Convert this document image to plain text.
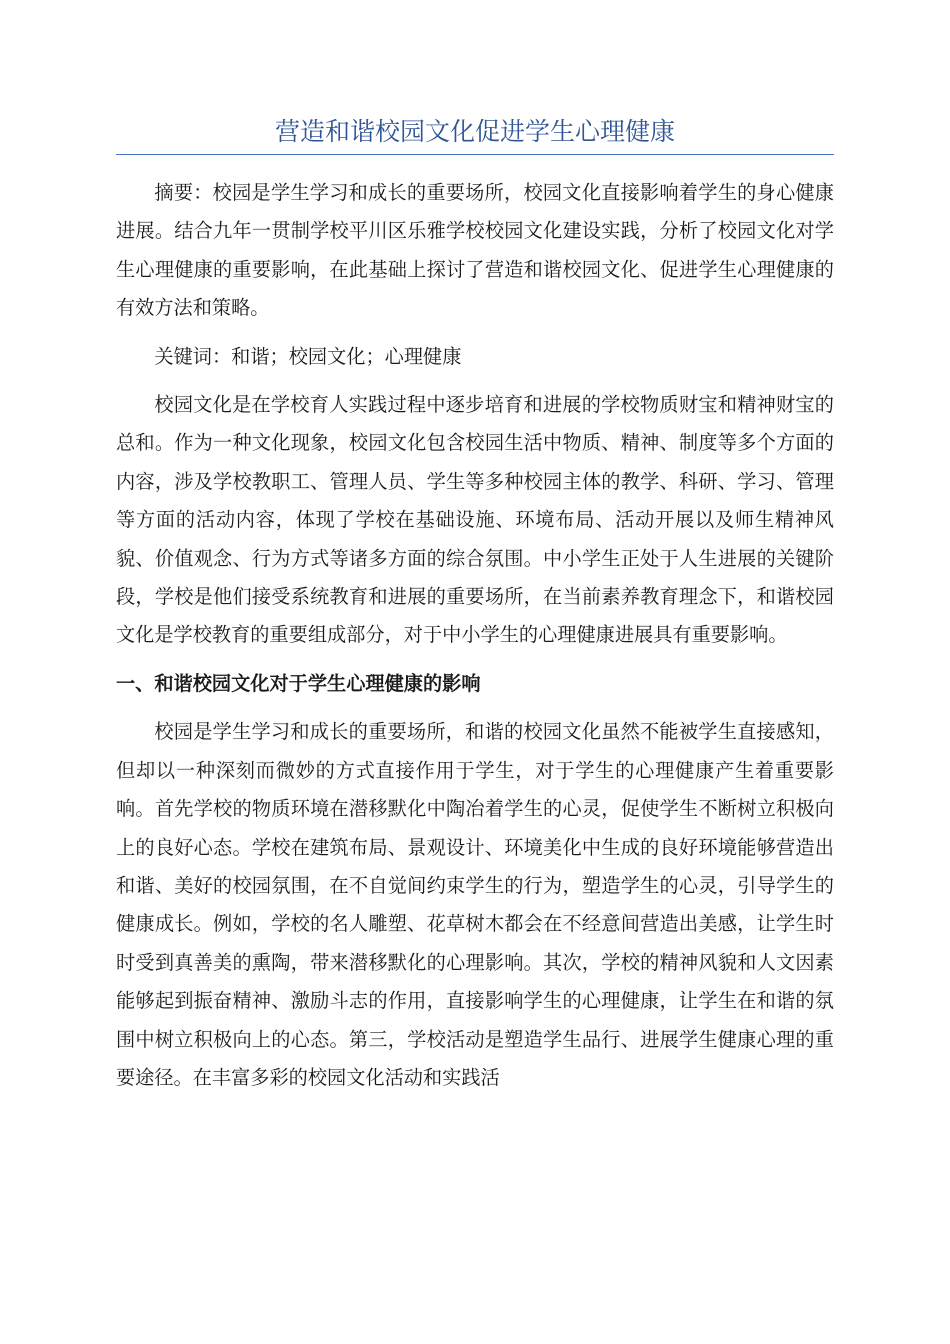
营造和谐校园文化促进学生心理健康

摘要：校园是学生学习和成长的重要场所，校园文化直接影响着学生的身心健康进展。结合九年一贯制学校平川区乐雅学校校园文化建设实践，分析了校园文化对学生心理健康的重要影响，在此基础上探讨了营造和谐校园文化、促进学生心理健康的有效方法和策略。

关键词：和谐；校园文化；心理健康

校园文化是在学校育人实践过程中逐步培育和进展的学校物质财宝和精神财宝的总和。作为一种文化现象，校园文化包含校园生活中物质、精神、制度等多个方面的内容，涉及学校教职工、管理人员、学生等多种校园主体的教学、科研、学习、管理等方面的活动内容，体现了学校在基础设施、环境布局、活动开展以及师生精神风貌、价值观念、行为方式等诸多方面的综合氛围。中小学生正处于人生进展的关键阶段，学校是他们接受系统教育和进展的重要场所，在当前素养教育理念下，和谐校园文化是学校教育的重要组成部分，对于中小学生的心理健康进展具有重要影响。

一、和谐校园文化对于学生心理健康的影响

校园是学生学习和成长的重要场所，和谐的校园文化虽然不能被学生直接感知，但却以一种深刻而微妙的方式直接作用于学生，对于学生的心理健康产生着重要影响。首先学校的物质环境在潜移默化中陶冶着学生的心灵，促使学生不断树立积极向上的良好心态。学校在建筑布局、景观设计、环境美化中生成的良好环境能够营造出和谐、美好的校园氛围，在不自觉间约束学生的行为，塑造学生的心灵，引导学生的健康成长。例如，学校的名人雕塑、花草树木都会在不经意间营造出美感，让学生时时受到真善美的熏陶，带来潜移默化的心理影响。其次，学校的精神风貌和人文因素能够起到振奋精神、激励斗志的作用，直接影响学生的心理健康，让学生在和谐的氛围中树立积极向上的心态。第三，学校活动是塑造学生品行、进展学生健康心理的重要途径。在丰富多彩的校园文化活动和实践活
